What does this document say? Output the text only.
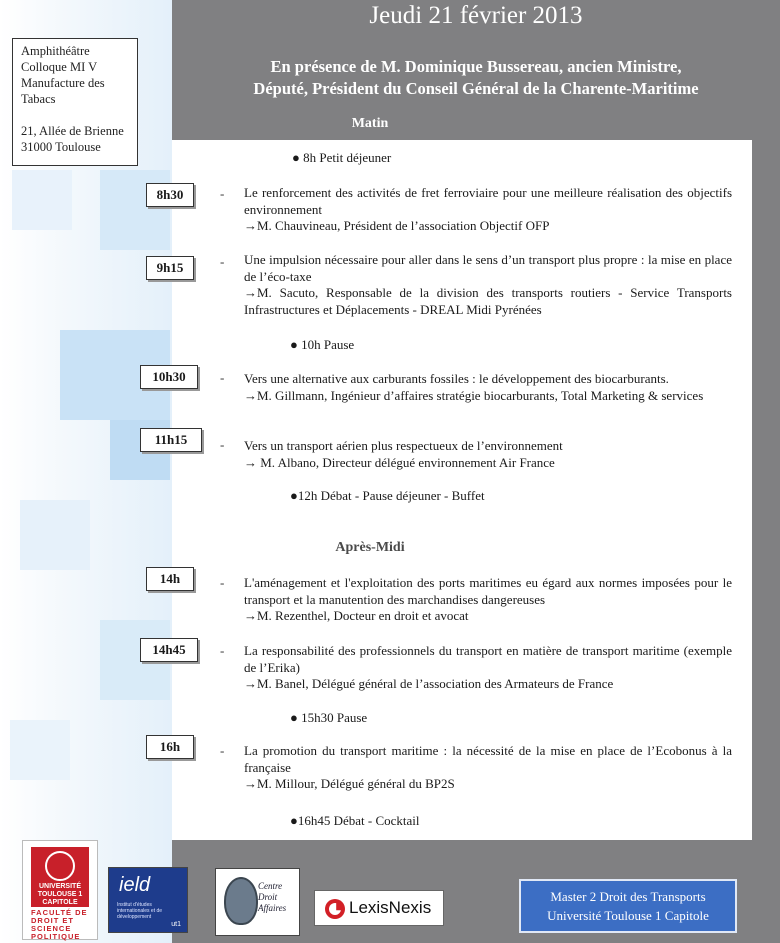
Jeudi 21 février 2013
Amphithéâtre
Colloque MI V
Manufacture des Tabacs
21, Allée de Brienne
31000 Toulouse
En présence de M. Dominique Bussereau, ancien Ministre,
Député, Président du Conseil Général de la Charente-Maritime
Matin
● 8h Petit déjeuner
8h30	- Le renforcement des activités de fret ferroviaire pour une meilleure réalisation des objectifs environnement
→M. Chauvineau, Président de l’association Objectif OFP
9h15	- Une impulsion nécessaire pour aller dans le sens d’un transport plus propre : la mise en place de l’éco-taxe
→M. Sacuto, Responsable de la division des transports routiers - Service Transports Infrastructures et Déplacements - DREAL Midi Pyrénées
● 10h Pause
10h30	- Vers une alternative aux carburants fossiles : le développement des biocarburants.
→M. Gillmann, Ingénieur d’affaires stratégie biocarburants, Total Marketing & services
11h15	- Vers un transport aérien plus respectueux de l’environnement
→ M. Albano, Directeur délégué environnement Air France
●12h Débat - Pause déjeuner - Buffet
Après-Midi
14h	- L'aménagement et l'exploitation des ports maritimes eu égard aux normes imposées pour le transport et la manutention des marchandises dangereuses
→M. Rezenthel, Docteur en droit et avocat
14h45	- La responsabilité des professionnels du transport en matière de transport maritime (exemple de l’Erika)
→M. Banel, Délégué général de l’association des Armateurs de France
● 15h30 Pause
16h	- La promotion du transport maritime : la nécessité de la mise en place de l’Ecobonus à la française
→M. Millour, Délégué général du BP2S
●16h45 Débat - Cocktail
UNIVERSITÉ TOULOUSE 1 CAPITOLE
FACULTÉ DE DROIT ET SCIENCE POLITIQUE
ield
Institut d'études internationales et de développement
ut1
Centre Droit Affaires	LexisNexis
Master 2 Droit des Transports
Université Toulouse 1 Capitole
